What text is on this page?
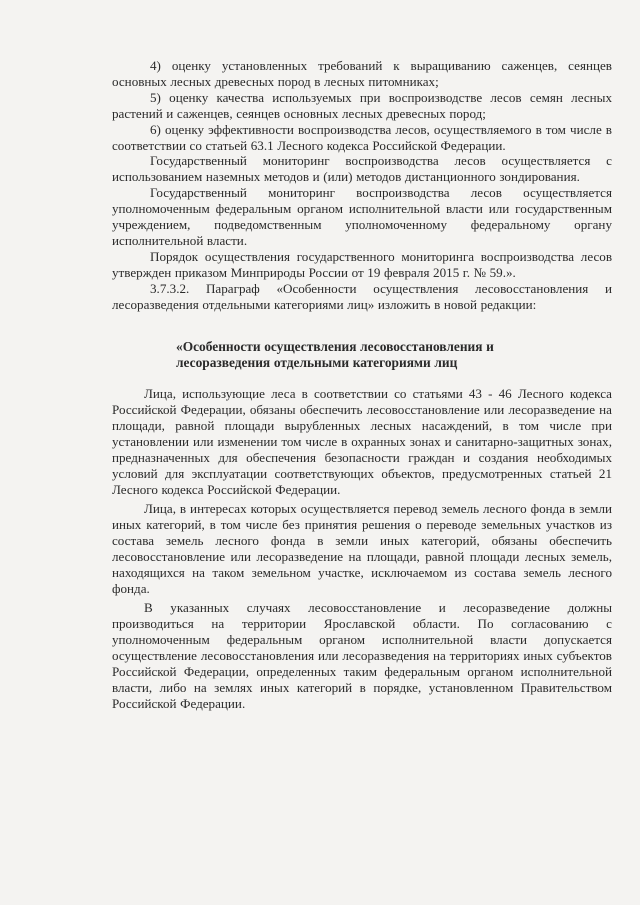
4) оценку установленных требований к выращиванию саженцев, сеянцев основных лесных древесных пород в лесных питомниках;

5) оценку качества используемых при воспроизводстве лесов семян лесных растений и саженцев, сеянцев основных лесных древесных пород;

6) оценку эффективности воспроизводства лесов, осуществляемого в том числе в соответствии со статьей 63.1 Лесного кодекса Российской Федерации.

Государственный мониторинг воспроизводства лесов осуществляется с использованием наземных методов и (или) методов дистанционного зондирования.

Государственный мониторинг воспроизводства лесов осуществляется уполномоченным федеральным органом исполнительной власти или государственным учреждением, подведомственным уполномоченному федеральному органу исполнительной власти.

Порядок осуществления государственного мониторинга воспроизводства лесов утвержден приказом Минприроды России от 19 февраля 2015 г. № 59.».

3.7.3.2. Параграф «Особенности осуществления лесовосстановления и лесоразведения отдельными категориями лиц» изложить в новой редакции:

«Особенности осуществления лесовосстановления и лесоразведения отдельными категориями лиц

Лица, использующие леса в соответствии со статьями 43 - 46 Лесного кодекса Российской Федерации, обязаны обеспечить лесовосстановление или лесоразведение на площади, равной площади вырубленных лесных насаждений, в том числе при установлении или изменении том числе в охранных зонах и санитарно-защитных зонах, предназначенных для обеспечения безопасности граждан и создания необходимых условий для эксплуатации соответствующих объектов, предусмотренных статьей 21 Лесного кодекса Российской Федерации.

Лица, в интересах которых осуществляется перевод земель лесного фонда в земли иных категорий, в том числе без принятия решения о переводе земельных участков из состава земель лесного фонда в земли иных категорий, обязаны обеспечить лесовосстановление или лесоразведение на площади, равной площади лесных земель, находящихся на таком земельном участке, исключаемом из состава земель лесного фонда.

В указанных случаях лесовосстановление и лесоразведение должны производиться на территории Ярославской области. По согласованию с уполномоченным федеральным органом исполнительной власти допускается осуществление лесовосстановления или лесоразведения на территориях иных субъектов Российской Федерации, определенных таким федеральным органом исполнительной власти, либо на землях иных категорий в порядке, установленном Правительством Российской Федерации.
